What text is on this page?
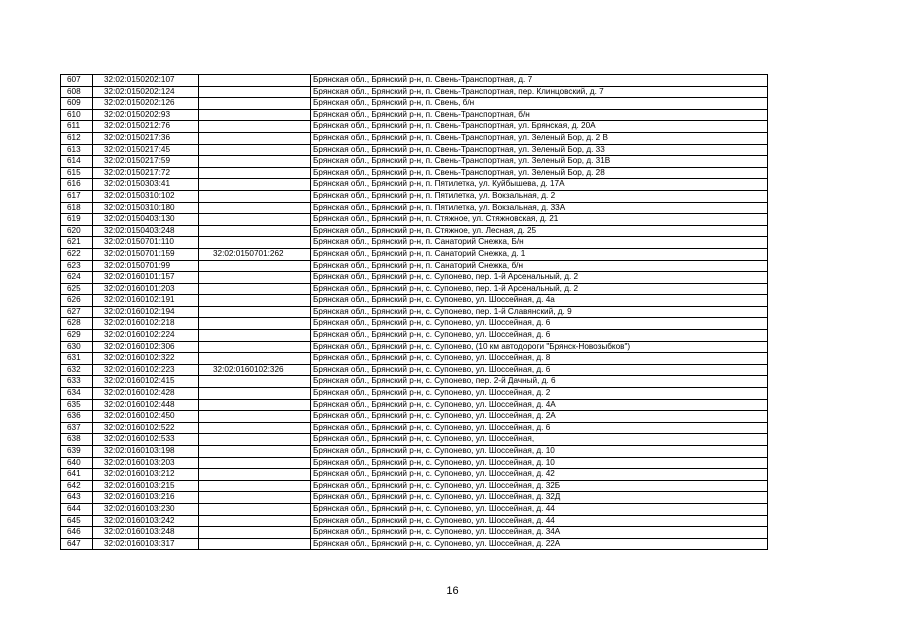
607	32:02:0150202:107		Брянская обл., Брянский р-н, п. Свень-Транспортная, д. 7
608	32:02:0150202:124		Брянская обл., Брянский р-н, п. Свень-Транспортная, пер. Клинцовский, д. 7
609	32:02:0150202:126		Брянская обл., Брянский р-н, п. Свень, б/н
610	32:02:0150202:93		Брянская обл., Брянский р-н, п. Свень-Транспортная, б/н
611	32:02:0150212:76		Брянская обл., Брянский р-н, п. Свень-Транспортная, ул. Брянская, д. 20А
612	32:02:0150217:36		Брянская обл., Брянский р-н, п. Свень-Транспортная, ул. Зеленый Бор, д. 2 В
613	32:02:0150217:45		Брянская обл., Брянский р-н, п. Свень-Транспортная, ул. Зеленый Бор, д. 33
614	32:02:0150217:59		Брянская обл., Брянский р-н, п. Свень-Транспортная, ул. Зеленый Бор, д. 31В
615	32:02:0150217:72		Брянская обл., Брянский р-н, п. Свень-Транспортная, ул. Зеленый Бор, д. 28
616	32:02:0150303:41		Брянская обл., Брянский р-н, п. Пятилетка, ул. Куйбышева, д. 17А
617	32:02:0150310:102		Брянская обл., Брянский р-н, п. Пятилетка, ул. Вокзальная, д. 2
618	32:02:0150310:180		Брянская обл., Брянский р-н, п. Пятилетка, ул. Вокзальная, д. 33А
619	32:02:0150403:130		Брянская обл., Брянский р-н, п. Стяжное, ул. Стяжновская, д. 21
620	32:02:0150403:248		Брянская обл., Брянский р-н, п. Стяжное, ул. Лесная, д. 25
621	32:02:0150701:110		Брянская обл., Брянский р-н, п. Санаторий Снежка, Б/н
622	32:02:0150701:159	32:02:0150701:262	Брянская обл., Брянский р-н, п. Санаторий Снежка, д. 1
623	32:02:0150701:99		Брянская обл., Брянский р-н, п. Санаторий Снежка, б/н
624	32:02:0160101:157		Брянская обл., Брянский р-н, с. Супонево, пер. 1-й Арсенальный, д. 2
625	32:02:0160101:203		Брянская обл., Брянский р-н, с. Супонево, пер. 1-й Арсенальный, д. 2
626	32:02:0160102:191		Брянская обл., Брянский р-н, с. Супонево, ул. Шоссейная, д. 4а
627	32:02:0160102:194		Брянская обл., Брянский р-н, с. Супонево, пер. 1-й Славянский, д. 9
628	32:02:0160102:218		Брянская обл., Брянский р-н, с. Супонево, ул. Шоссейная, д. 6
629	32:02:0160102:224		Брянская обл., Брянский р-н, с. Супонево, ул. Шоссейная, д. 6
630	32:02:0160102:306		Брянская обл., Брянский р-н, с. Супонево, (10 км автодороги "Брянск-Новозыбков")
631	32:02:0160102:322		Брянская обл., Брянский р-н, с. Супонево, ул. Шоссейная, д. 8
632	32:02:0160102:223	32:02:0160102:326	Брянская обл., Брянский р-н, с. Супонево, ул. Шоссейная, д. 6
633	32:02:0160102:415		Брянская обл., Брянский р-н, с. Супонево, пер. 2-й Дачный, д. 6
634	32:02:0160102:428		Брянская обл., Брянский р-н, с. Супонево, ул. Шоссейная, д. 2
635	32:02:0160102:448		Брянская обл., Брянский р-н, с. Супонево, ул. Шоссейная, д. 4А
636	32:02:0160102:450		Брянская обл., Брянский р-н, с. Супонево, ул. Шоссейная, д. 2А
637	32:02:0160102:522		Брянская обл., Брянский р-н, с. Супонево, ул. Шоссейная, д. 6
638	32:02:0160102:533		Брянская обл., Брянский р-н, с. Супонево, ул. Шоссейная,
639	32:02:0160103:198		Брянская обл., Брянский р-н, с. Супонево, ул. Шоссейная, д. 10
640	32:02:0160103:203		Брянская обл., Брянский р-н, с. Супонево, ул. Шоссейная, д. 10
641	32:02:0160103:212		Брянская обл., Брянский р-н, с. Супонево, ул. Шоссейная, д. 42
642	32:02:0160103:215		Брянская обл., Брянский р-н, с. Супонево, ул. Шоссейная, д. 32Б
643	32:02:0160103:216		Брянская обл., Брянский р-н, с. Супонево, ул. Шоссейная, д. 32Д
644	32:02:0160103:230		Брянская обл., Брянский р-н, с. Супонево, ул. Шоссейная, д. 44
645	32:02:0160103:242		Брянская обл., Брянский р-н, с. Супонево, ул. Шоссейная, д. 44
646	32:02:0160103:248		Брянская обл., Брянский р-н, с. Супонево, ул. Шоссейная, д. 34А
647	32:02:0160103:317		Брянская обл., Брянский р-н, с. Супонево, ул. Шоссейная, д. 22А
16
